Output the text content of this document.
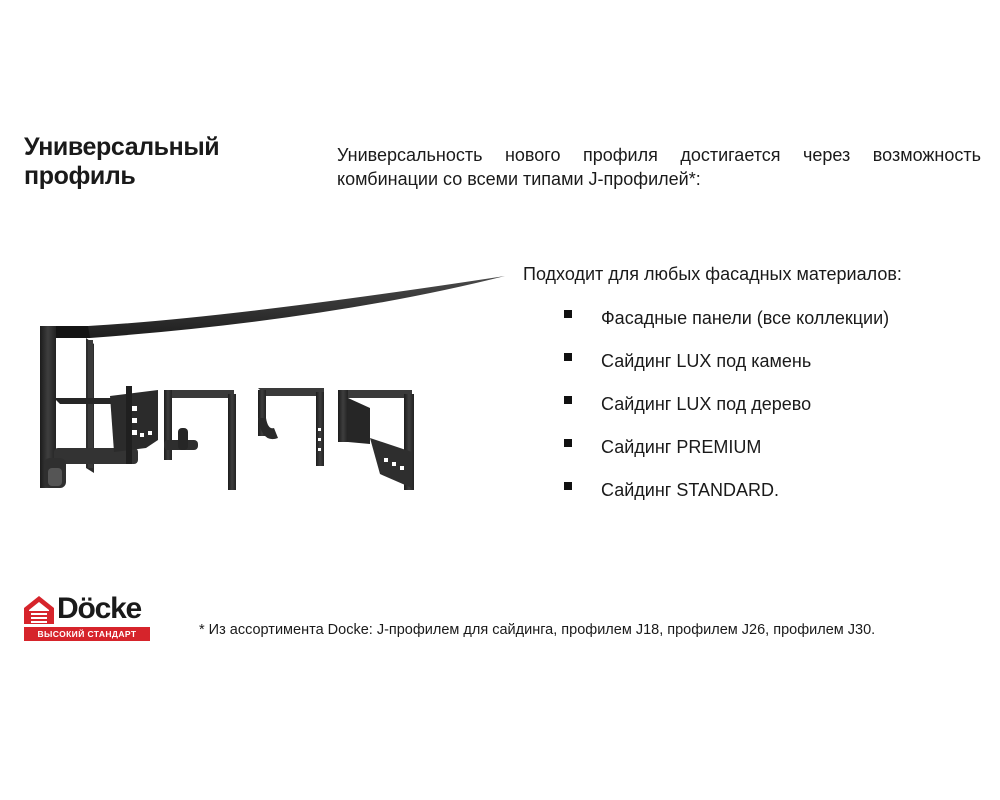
Универсальный профиль

Универсальность нового профиля достигается через возможность комбинации со всеми типами J-профилей*:

Подходит для любых фасадных материалов:

Фасадные панели (все коллекции)
Сайдинг LUX под камень
Сайдинг LUX под дерево
Сайдинг PREMIUM
Сайдинг STANDARD.
Döcke
ВЫСОКИЙ СТАНДАРТ	* Из ассортимента Docke: J-профилем для сайдинга, профилем J18, профилем J26, профилем J30.
